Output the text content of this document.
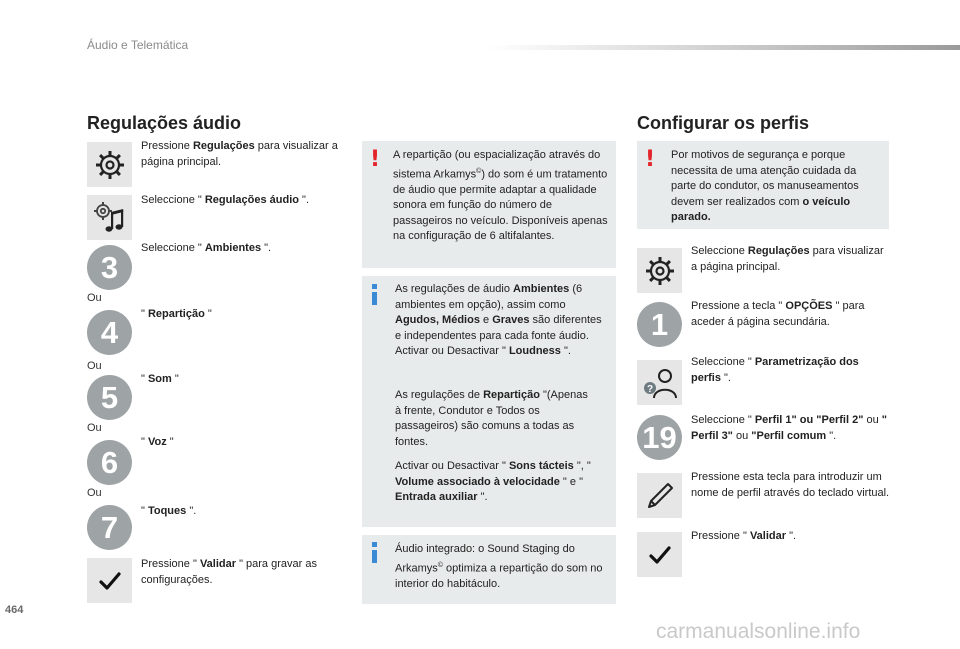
Áudio e Telemática
Regulações áudio
Pressione Regulações para visualizar a página principal.
Seleccione " Regulações áudio ".
3
Seleccione " Ambientes ".
Ou
4
" Repartição "
Ou
5
" Som "
Ou
6
" Voz "
Ou
7	" Toques ".
Pressione " Validar " para gravar as configurações.
! A repartição (ou espacialização através do sistema Arkamys©) do som é um tratamento de áudio que permite adaptar a qualidade sonora em função do número de passageiros no veículo. Disponíveis apenas na configuração de 6 altifalantes.
As regulações de áudio Ambientes (6 ambientes em opção), assim como Agudos, Médios e Graves são diferentes e independentes para cada fonte áudio.
Activar ou Desactivar " Loudness ".
As regulações de Repartição "(Apenas à frente, Condutor e Todos os passageiros) são comuns a todas as fontes.
Activar ou Desactivar " Sons tácteis ", " Volume associado à velocidade " e " Entrada auxiliar ".
Áudio integrado: o Sound Staging do Arkamys© optimiza a repartição do som no interior do habitáculo.
Configurar os perfis
! Por motivos de segurança e porque necessita de uma atenção cuidada da parte do condutor, os manuseamentos devem ser realizados com o veículo parado.
Seleccione Regulações para visualizar a página principal.
1
Pressione a tecla " OPÇÕES " para aceder á página secundária.
?
Seleccione " Parametrização dos perfis ".
19	Seleccione " Perfil 1" ou "Perfil 2" ou " Perfil 3" ou "Perfil comum ".
Pressione esta tecla para introduzir um nome de perfil através do teclado virtual.
Pressione " Validar ".
464
carmanualsonline.info
